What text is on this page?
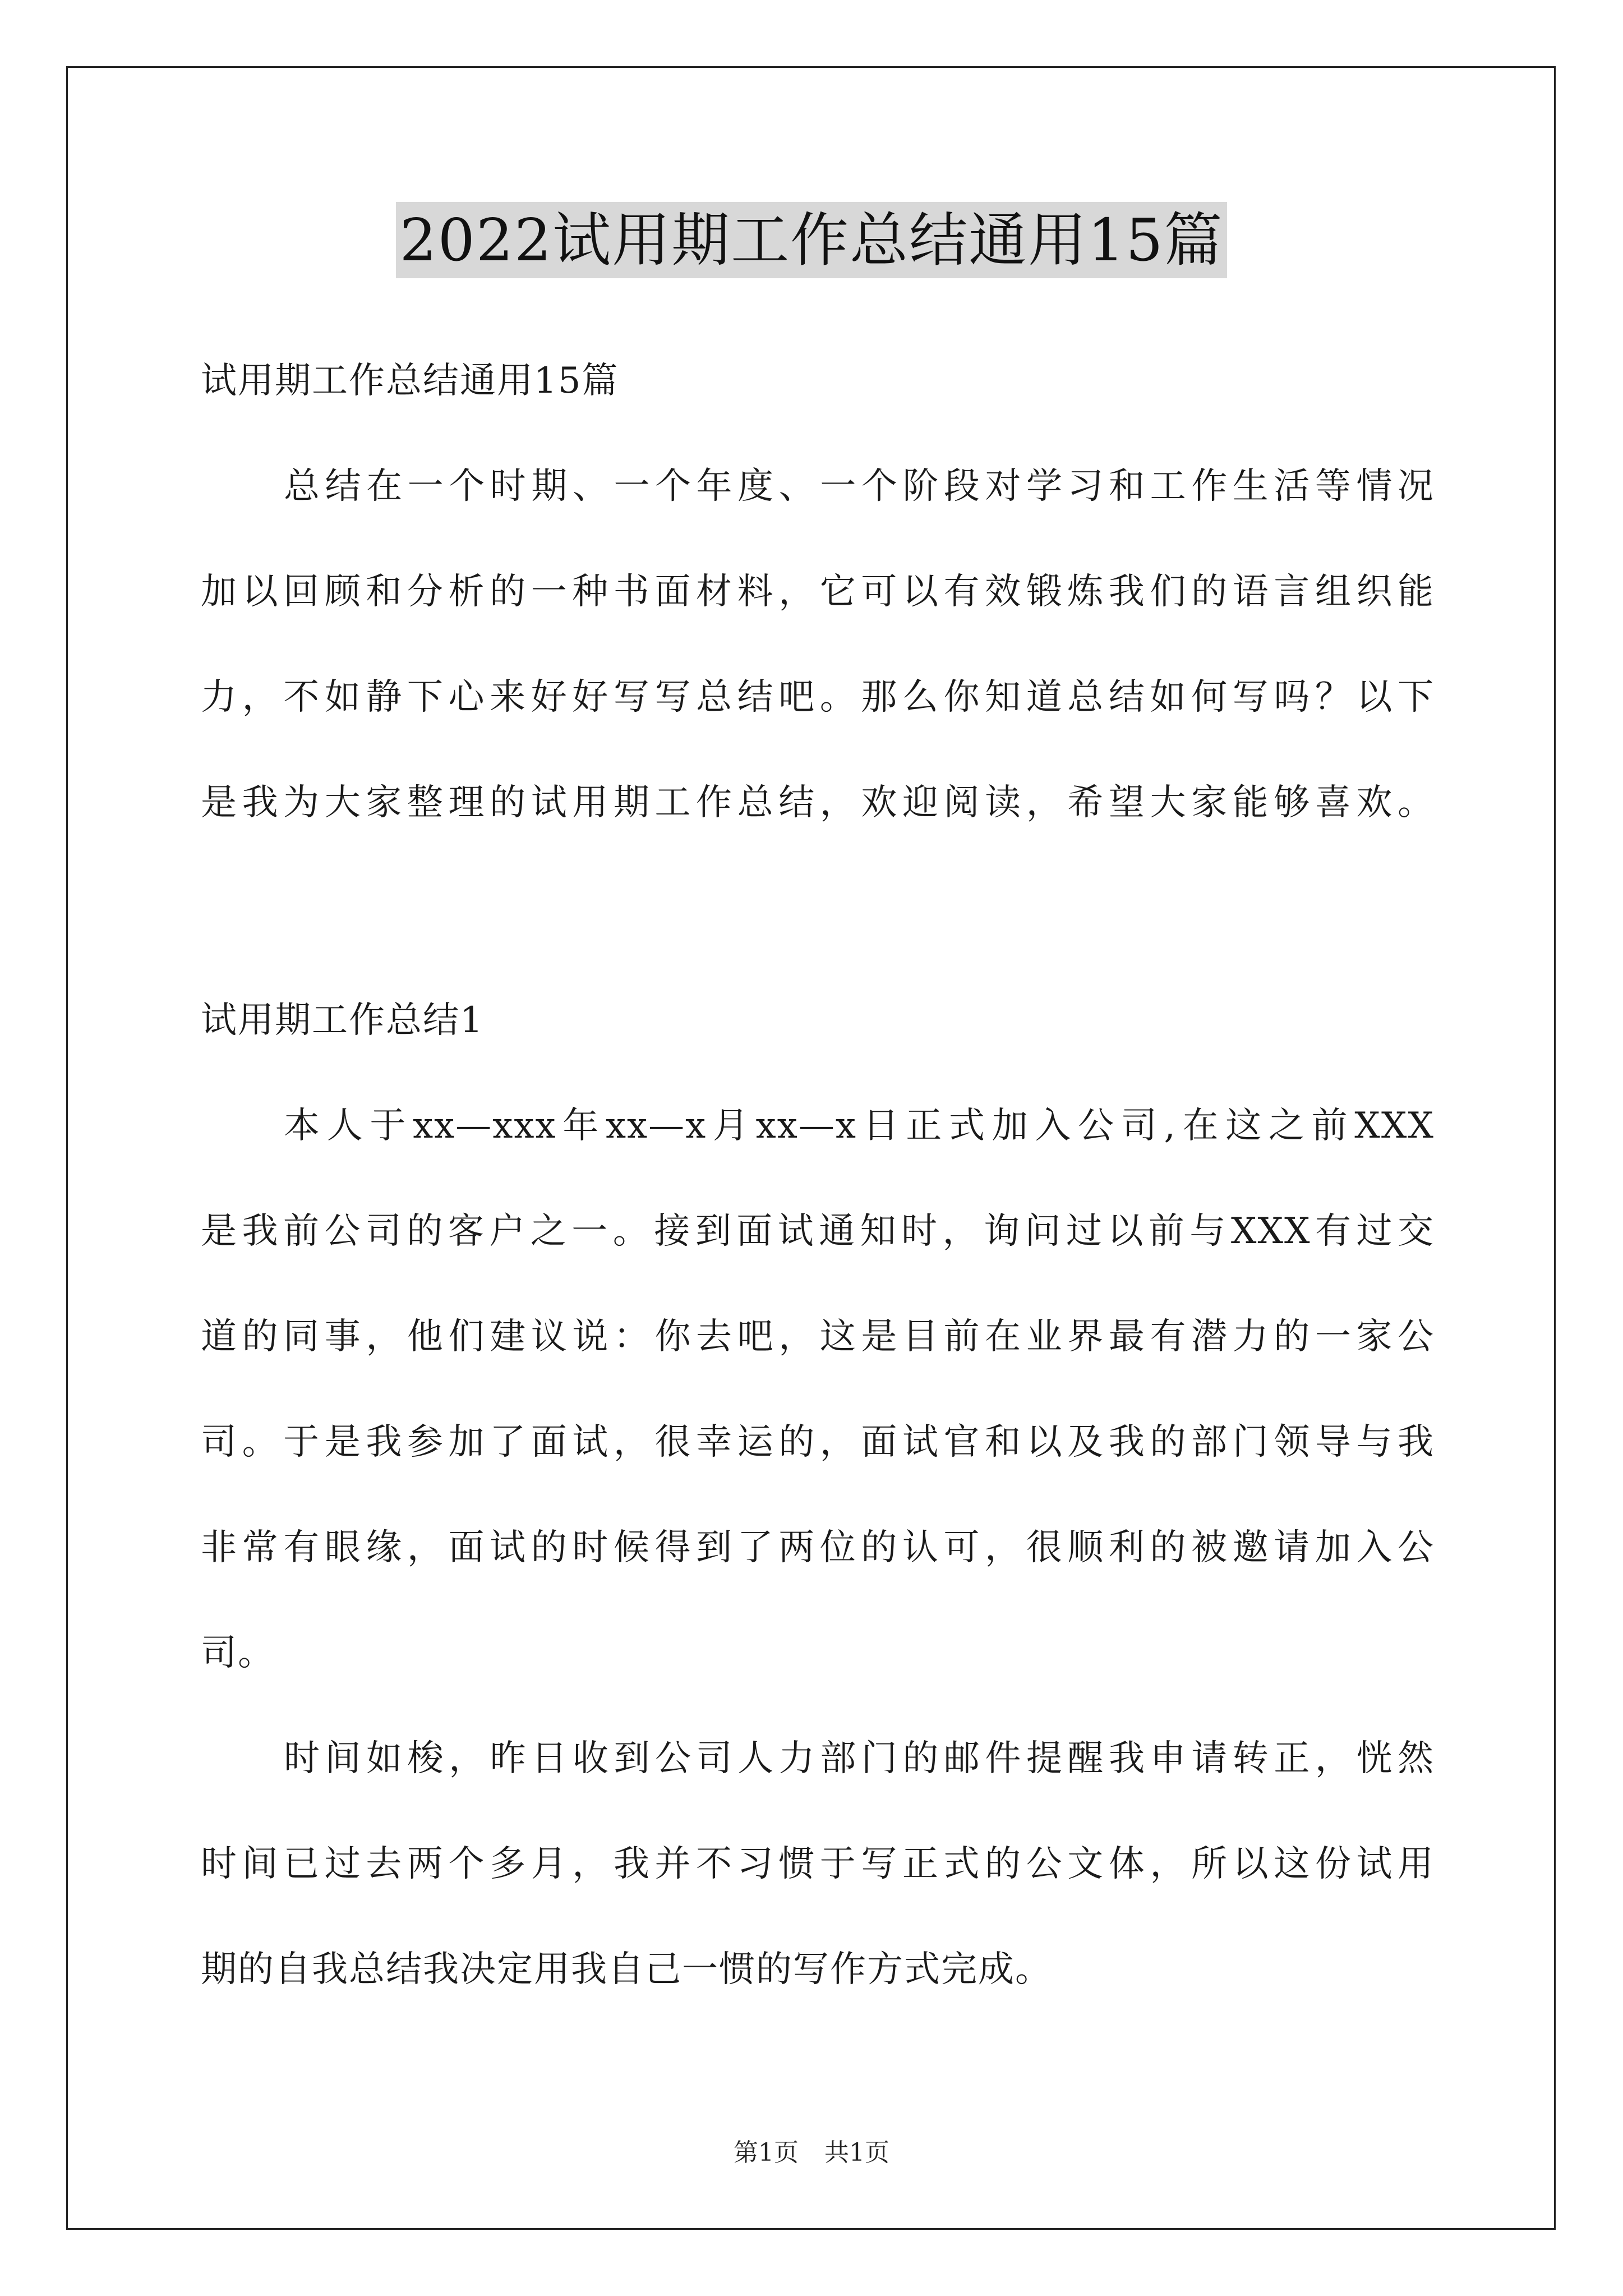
2022试用期工作总结通用15篇
试用期工作总结通用15篇
总结在一个时期、一个年度、一个阶段对学习和工作生活等情况
加以回顾和分析的一种书面材料，它可以有效锻炼我们的语言组织能
力，不如静下心来好好写写总结吧。那么你知道总结如何写吗？以下
是我为大家整理的试用期工作总结，欢迎阅读，希望大家能够喜欢。
试用期工作总结1
本人于xx—xxx年xx—x月xx—x日正式加入公司,在这之前XXX
是我前公司的客户之一。接到面试通知时，询问过以前与XXX有过交
道的同事，他们建议说：你去吧，这是目前在业界最有潜力的一家公
司。于是我参加了面试，很幸运的，面试官和以及我的部门领导与我
非常有眼缘，面试的时候得到了两位的认可，很顺利的被邀请加入公
司。
时间如梭，昨日收到公司人力部门的邮件提醒我申请转正，恍然
时间已过去两个多月，我并不习惯于写正式的公文体，所以这份试用
期的自我总结我决定用我自己一惯的写作方式完成。
第1页 共1页
